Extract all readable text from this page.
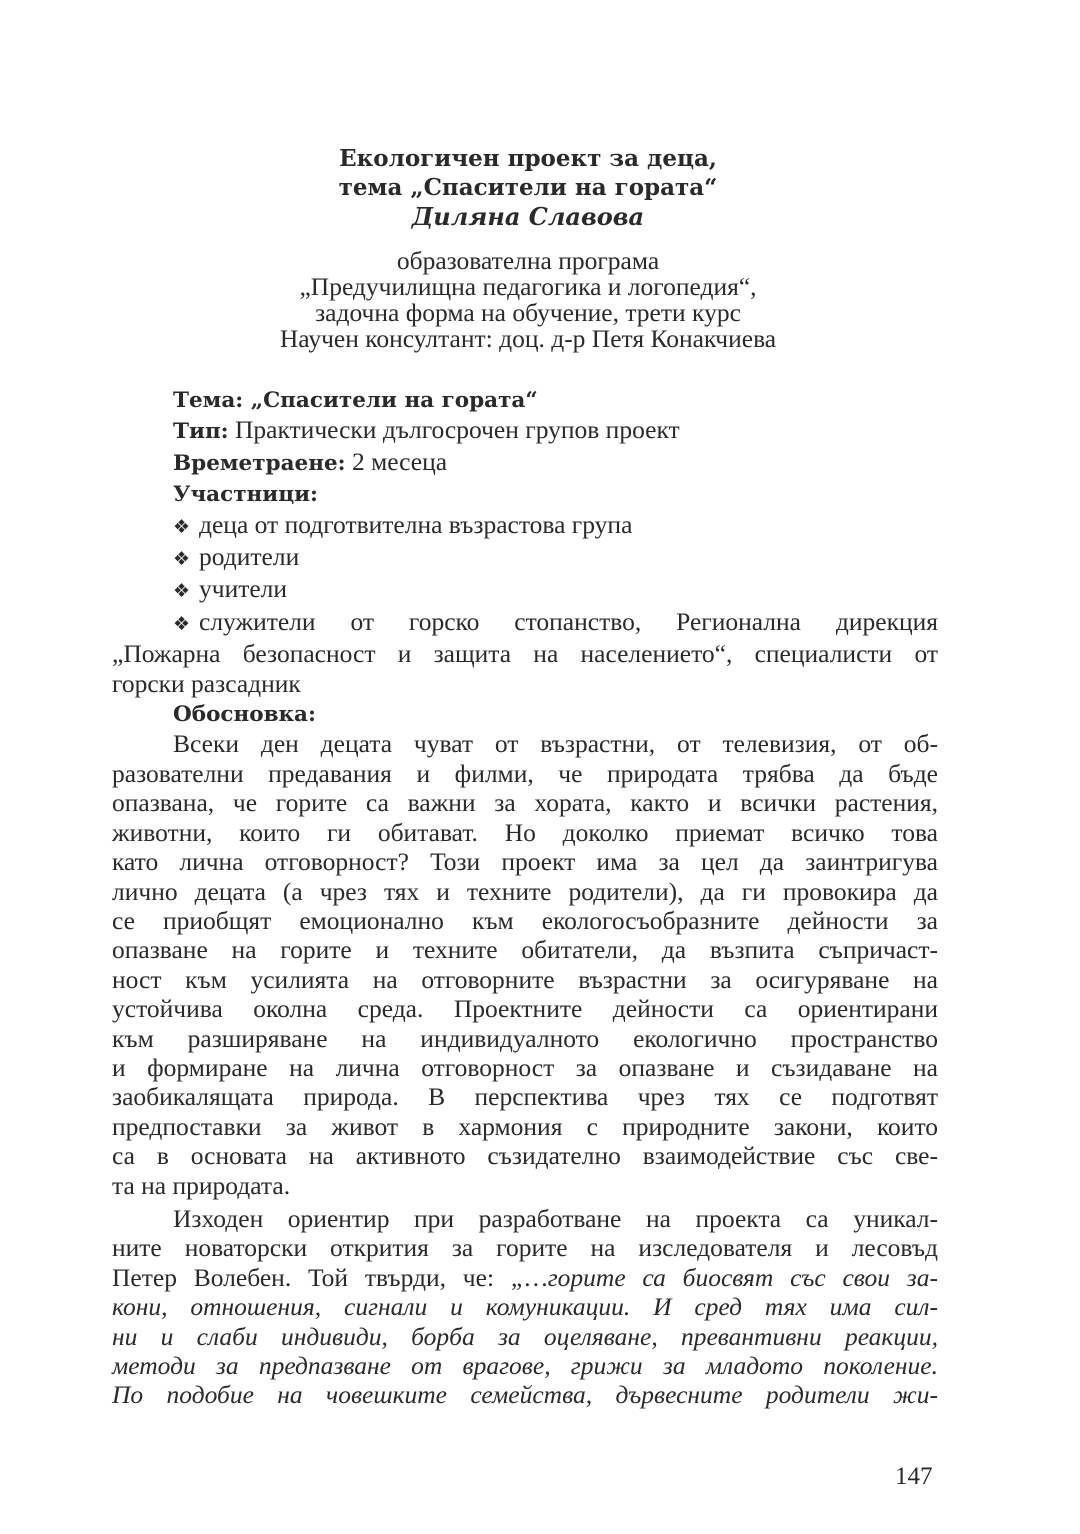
Екологичен проект за деца,

тема „Спасители на гората“

Диляна Славова

образователна програма
„Предучилищна педагогика и логопедия“,
задочна форма на обучение, трети курс
Научен консултант: доц. д-р Петя Конакчиева

Тема: „Спасители на гората“

Тип: Практически дългосрочен групов проект

Времетраене: 2 месеца

Участници:

❖ деца от подготвителна възрастова група

❖ родители

❖ учители

❖ служители от горско стопанство, Регионална дирекция

„Пожарна безопасност и защита на населението“, специалисти от

горски разсадник

Обосновка:

Всеки ден децата чуват от възрастни, от телевизия, от об-

разователни предавания и филми, че природата трябва да бъде

опазвана, че горите са важни за хората, както и всички растения,

животни, които ги обитават. Но доколко приемат всичко това

като лична отговорност? Този проект има за цел да заинтригува

лично децата (а чрез тях и техните родители), да ги провокира да

се приобщят емоционално към екологосъобразните дейности за

опазване на горите и техните обитатели, да възпита съпричаст-

ност към усилията на отговорните възрастни за осигуряване на

устойчива околна среда. Проектните дейности са ориентирани

към разширяване на индивидуалното екологично пространство

и формиране на лична отговорност за опазване и съзидаване на

заобикалящата природа. В перспектива чрез тях се подготвят

предпоставки за живот в хармония с природните закони, които

са в основата на активното съзидателно взаимодействие със све-

та на природата.

Изходен ориентир при разработване на проекта са уникал-

ните новаторски открития за горите на изследователя и лесовъд

Петер Волебен. Той твърди, че: „…горите са биосвят със свои за-

кони, отношения, сигнали и комуникации. И сред тях има сил-

ни и слаби индивиди, борба за оцеляване, превантивни реакции,

методи за предпазване от врагове, грижи за младото поколение.

По подобие на човешките семейства, дървесните родители жи-

147
